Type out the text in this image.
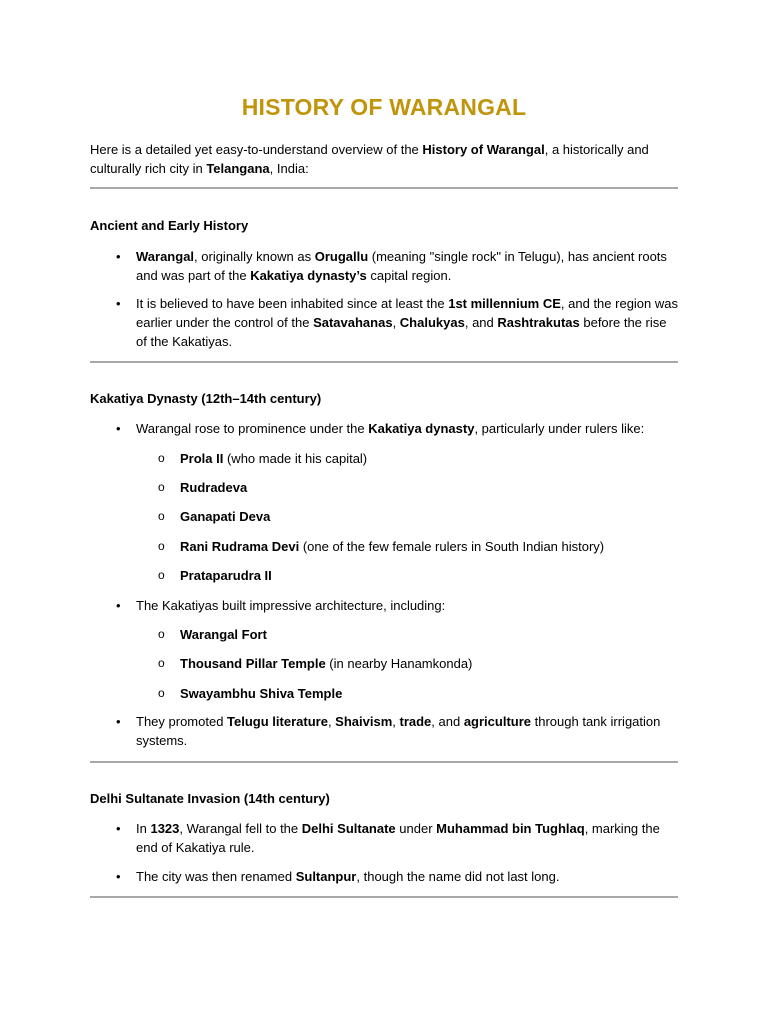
HISTORY OF WARANGAL
Here is a detailed yet easy-to-understand overview of the History of Warangal, a historically and culturally rich city in Telangana, India:
Ancient and Early History
• Warangal, originally known as Orugallu (meaning "single rock" in Telugu), has ancient roots and was part of the Kakatiya dynasty’s capital region.
• It is believed to have been inhabited since at least the 1st millennium CE, and the region was earlier under the control of the Satavahanas, Chalukyas, and Rashtrakutas before the rise of the Kakatiyas.
Kakatiya Dynasty (12th–14th century)
• Warangal rose to prominence under the Kakatiya dynasty, particularly under rulers like:
o Prola II (who made it his capital)
o Rudradeva
o Ganapati Deva
o Rani Rudrama Devi (one of the few female rulers in South Indian history)
o Prataparudra II
• The Kakatiyas built impressive architecture, including:
o Warangal Fort
o Thousand Pillar Temple (in nearby Hanamkonda)
o Swayambhu Shiva Temple
• They promoted Telugu literature, Shaivism, trade, and agriculture through tank irrigation systems.
Delhi Sultanate Invasion (14th century)
• In 1323, Warangal fell to the Delhi Sultanate under Muhammad bin Tughlaq, marking the end of Kakatiya rule.
• The city was then renamed Sultanpur, though the name did not last long.
